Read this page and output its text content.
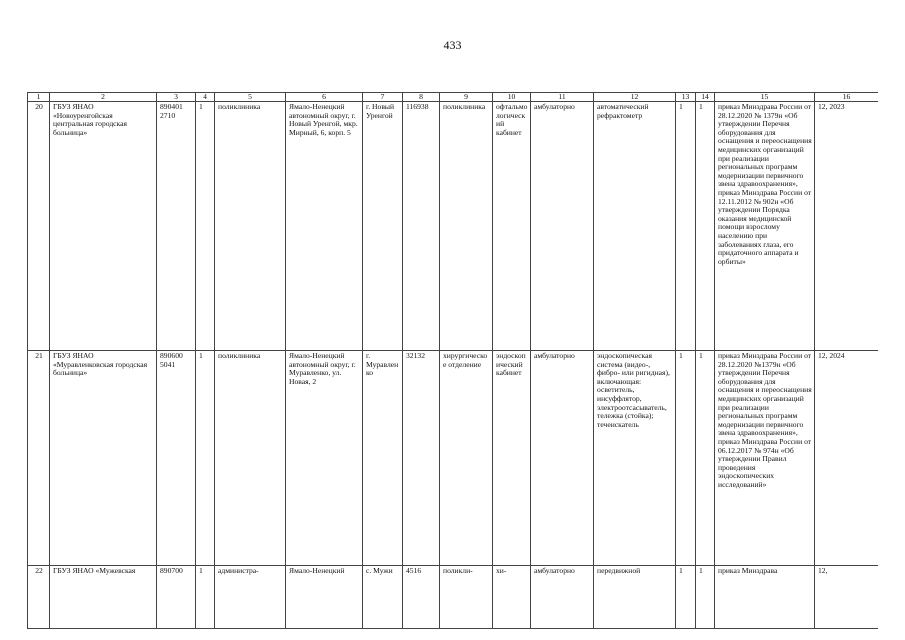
433
1	2	3	4	5	6	7	8	9	10	11	12	13	14	15	16
20	ГБУЗ ЯНАО «Новоуренгойская центральная городская больница»	890401 2710	1	поликлиника	Ямало-Ненецкий автономный округ, г. Новый Уренгой, мкр. Мирный, 6, корп. 5	г. Новый Уренгой	116938	поликлиника	офтальмологический кабинет	амбулаторно	автоматический рефрактометр	1	1	приказ Минздрава России от 28.12.2020 № 1379н «Об утверждении Перечня оборудования для оснащения и переоснащения медицинских организаций при реализации региональных программ модернизации первичного звена здравоохранения», приказ Минздрава России от 12.11.2012 № 902н «Об утверждении Порядка оказания медицинской помощи взрослому населению при заболеваниях глаза, его придаточного аппарата и орбиты»	12, 2023
21	ГБУЗ ЯНАО «Муравленковская городская больница»	890600 5041	1	поликлиника	Ямало-Ненецкий автономный округ, г. Муравленко, ул. Новая, 2	г. Муравленко	32132	хирургическое отделение	эндоскопический кабинет	амбулаторно	эндоскопическая система (видео-, фибро- или ригидная), включающая: осветитель, инсуффлятор, электроотсасыватель, тележка (стойка); течеискатель	1	1	приказ Минздрава России от 28.12.2020 №1379н «Об утверждении Перечня оборудования для оснащения и переоснащения медицинских организаций при реализации региональных программ модернизации первичного звена здравоохранения», приказ Минздрава России от 06.12.2017 № 974н «Об утверждении Правил проведения эндоскопических исследований»	12, 2024
22	ГБУЗ ЯНАО «Мужевская	890700	1	администра-	Ямало-Ненецкий	с. Мужи	4516	поликли-	хи-	амбулаторно	передвижной	1	1	приказ Минздрава	12,
